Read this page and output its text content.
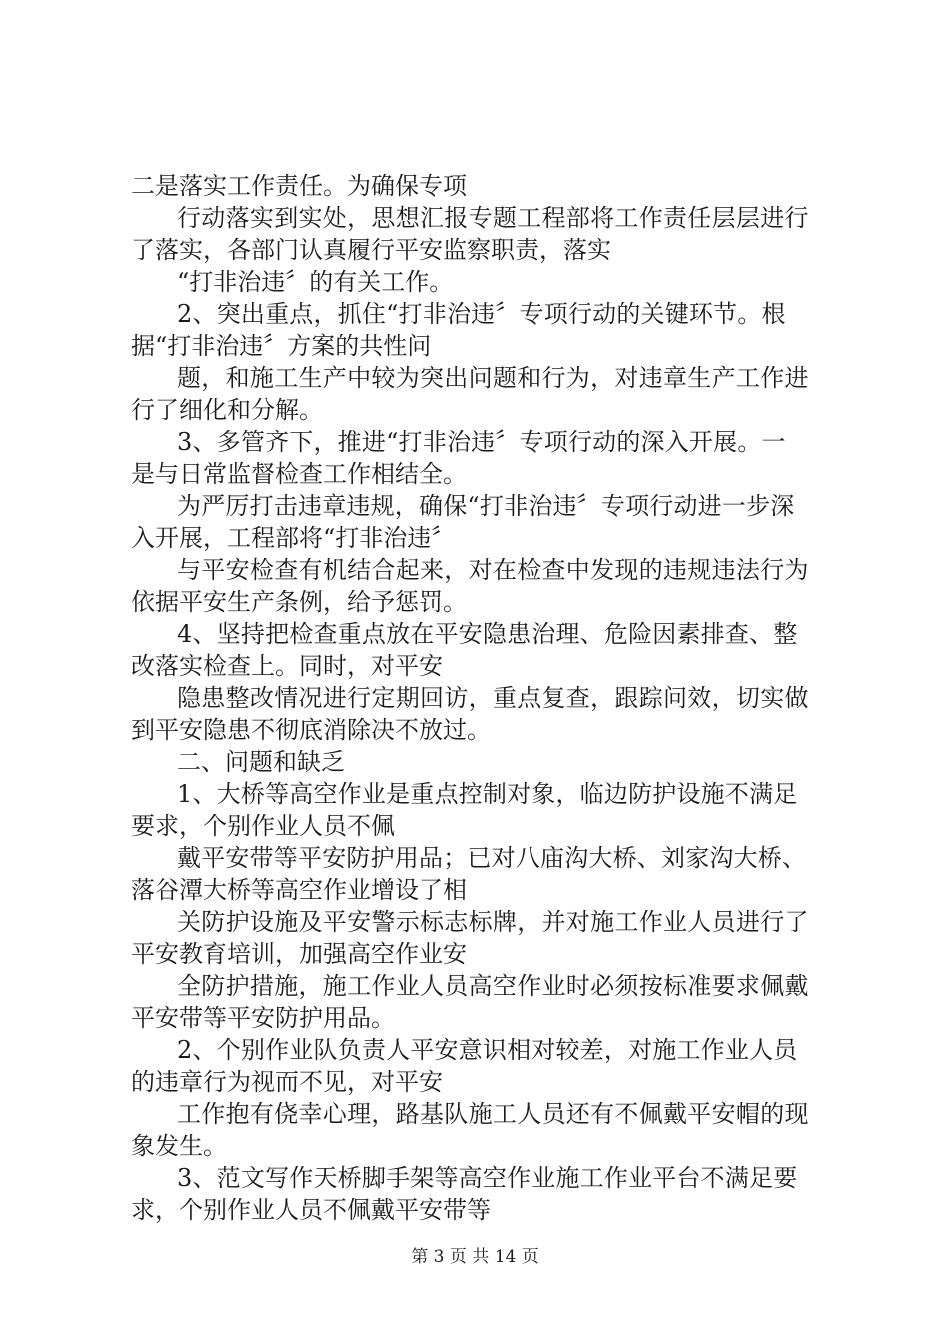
二是落实工作责任。为确保专项
行动落实到实处，思想汇报专题工程部将工作责任层层进行
了落实，各部门认真履行平安监察职责，落实
“打非治违〞的有关工作。
2、突出重点，抓住“打非治违〞专项行动的关键环节。根
据“打非治违〞方案的共性问
题，和施工生产中较为突出问题和行为，对违章生产工作进
行了细化和分解。
3、多管齐下，推进“打非治违〞专项行动的深入开展。一
是与日常监督检查工作相结全。
为严厉打击违章违规，确保“打非治违〞专项行动进一步深
入开展，工程部将“打非治违〞
与平安检查有机结合起来，对在检查中发现的违规违法行为
依据平安生产条例，给予惩罚。
4、坚持把检查重点放在平安隐患治理、危险因素排查、整
改落实检查上。同时，对平安
隐患整改情况进行定期回访，重点复查，跟踪问效，切实做
到平安隐患不彻底消除决不放过。
二、问题和缺乏
1、大桥等高空作业是重点控制对象，临边防护设施不满足
要求，个别作业人员不佩
戴平安带等平安防护用品；已对八庙沟大桥、刘家沟大桥、
落谷潭大桥等高空作业增设了相
关防护设施及平安警示标志标牌，并对施工作业人员进行了
平安教育培训，加强高空作业安
全防护措施，施工作业人员高空作业时必须按标准要求佩戴
平安带等平安防护用品。
2、个别作业队负责人平安意识相对较差，对施工作业人员
的违章行为视而不见，对平安
工作抱有侥幸心理，路基队施工人员还有不佩戴平安帽的现
象发生。
3、范文写作天桥脚手架等高空作业施工作业平台不满足要
求，个别作业人员不佩戴平安带等
第 3 页 共 14 页
